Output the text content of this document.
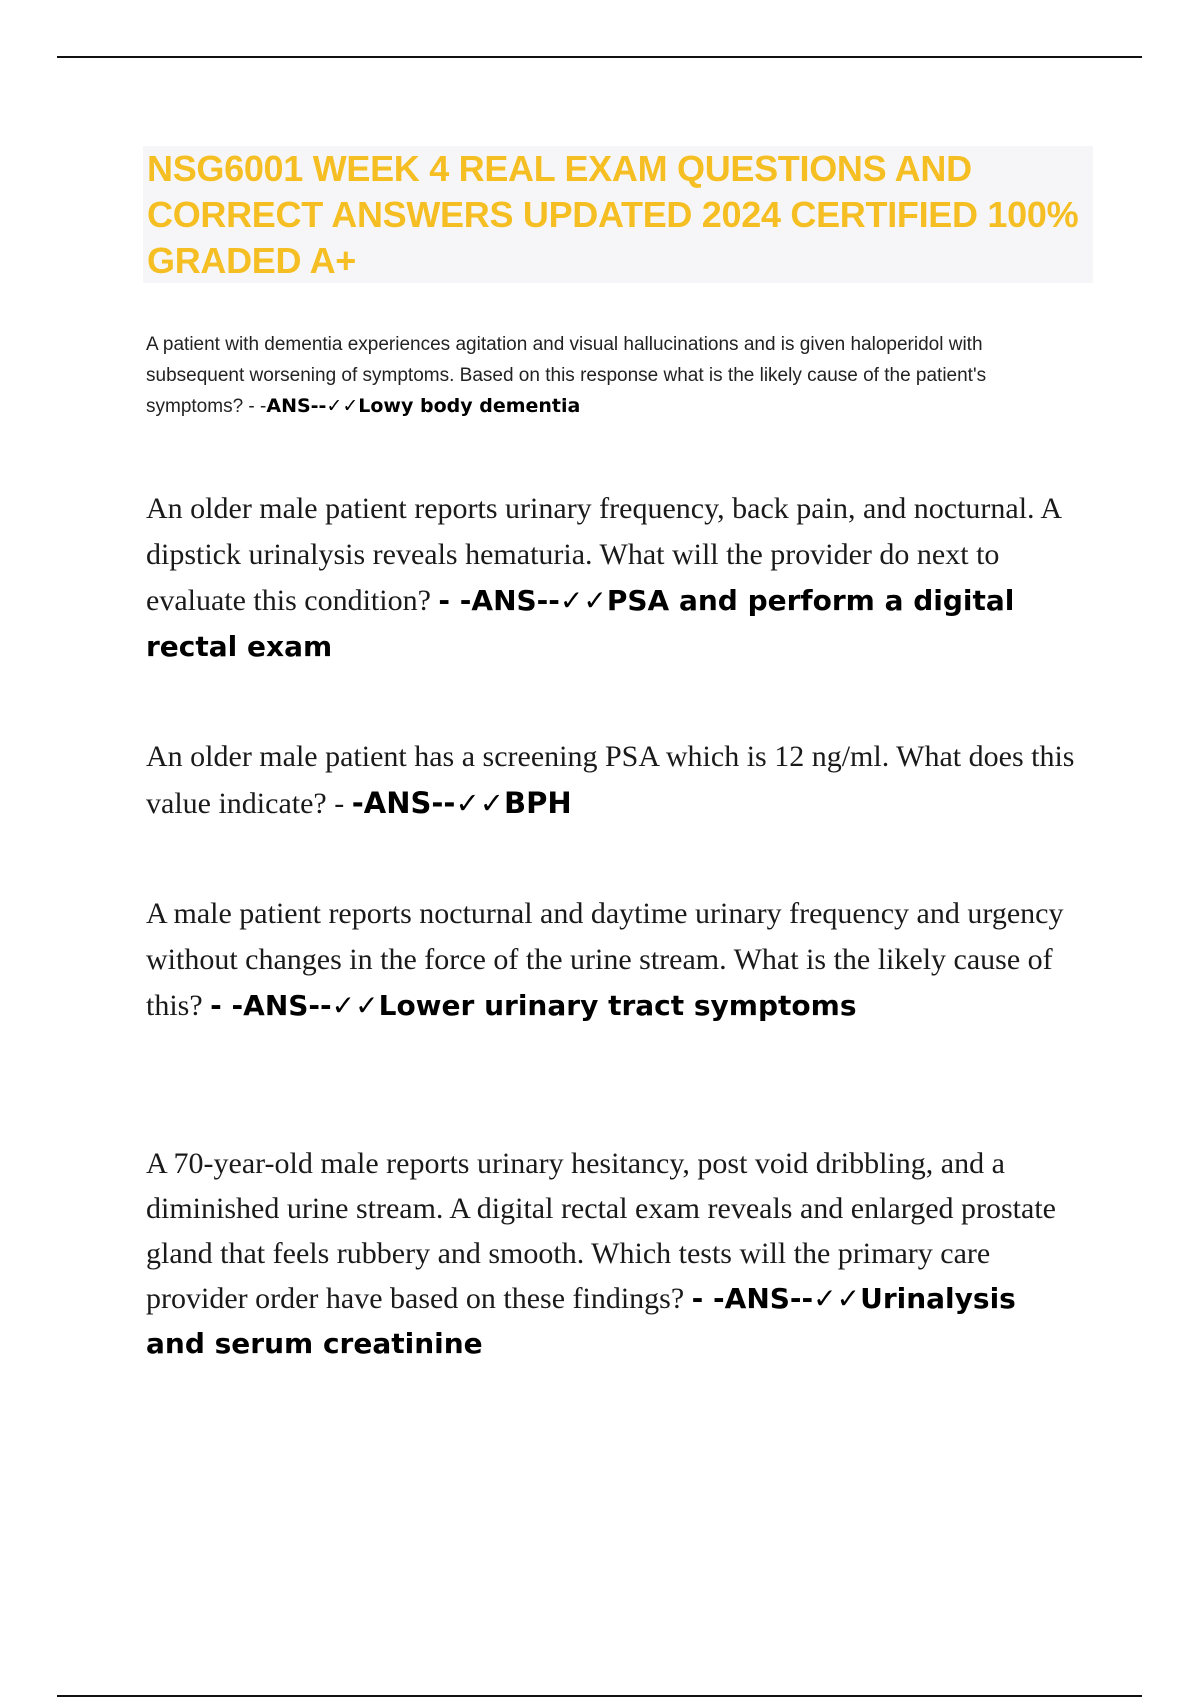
NSG6001 WEEK 4 REAL EXAM QUESTIONS AND CORRECT ANSWERS UPDATED 2024 CERTIFIED 100% GRADED A+
A patient with dementia experiences agitation and visual hallucinations and is given haloperidol with subsequent worsening of symptoms. Based on this response what is the likely cause of the patient's symptoms? - -ANS--✓✓Lowy body dementia
An older male patient reports urinary frequency, back pain, and nocturnal. A dipstick urinalysis reveals hematuria. What will the provider do next to evaluate this condition? - -ANS--✓✓PSA and perform a digital rectal exam
An older male patient has a screening PSA which is 12 ng/ml. What does this value indicate? - -ANS--✓✓BPH
A male patient reports nocturnal and daytime urinary frequency and urgency without changes in the force of the urine stream. What is the likely cause of this? - -ANS--✓✓Lower urinary tract symptoms
A 70-year-old male reports urinary hesitancy, post void dribbling, and a diminished urine stream. A digital rectal exam reveals and enlarged prostate gland that feels rubbery and smooth. Which tests will the primary care provider order have based on these findings? - -ANS--✓✓Urinalysis and serum creatinine
